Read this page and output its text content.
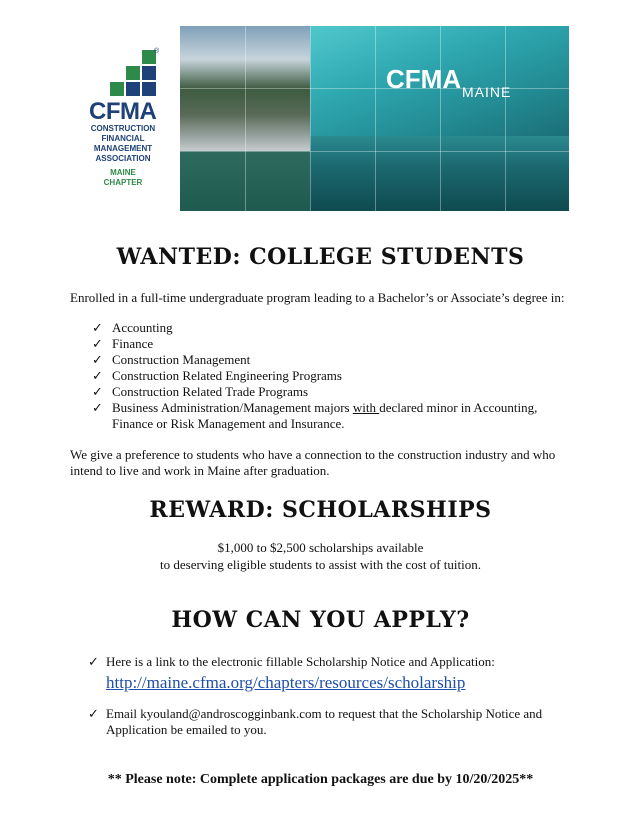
®
CFMA
CONSTRUCTION
FINANCIAL
MANAGEMENT
ASSOCIATION
MAINE
CHAPTER
CFMA MAINE
WANTED: COLLEGE STUDENTS
Enrolled in a full-time undergraduate program leading to a Bachelor’s or Associate’s degree in:
✓ Accounting
✓ Finance
✓ Construction Management
✓ Construction Related Engineering Programs
✓ Construction Related Trade Programs
✓ Business Administration/Management majors with declared minor in Accounting, Finance or Risk Management and Insurance.
We give a preference to students who have a connection to the construction industry and who intend to live and work in Maine after graduation.
REWARD: SCHOLARSHIPS
$1,000 to $2,500 scholarships available
to deserving eligible students to assist with the cost of tuition.
HOW CAN YOU APPLY?
✓ Here is a link to the electronic fillable Scholarship Notice and Application:
http://maine.cfma.org/chapters/resources/scholarship
✓ Email kyouland@androscogginbank.com to request that the Scholarship Notice and Application be emailed to you.
** Please note: Complete application packages are due by 10/20/2025**
